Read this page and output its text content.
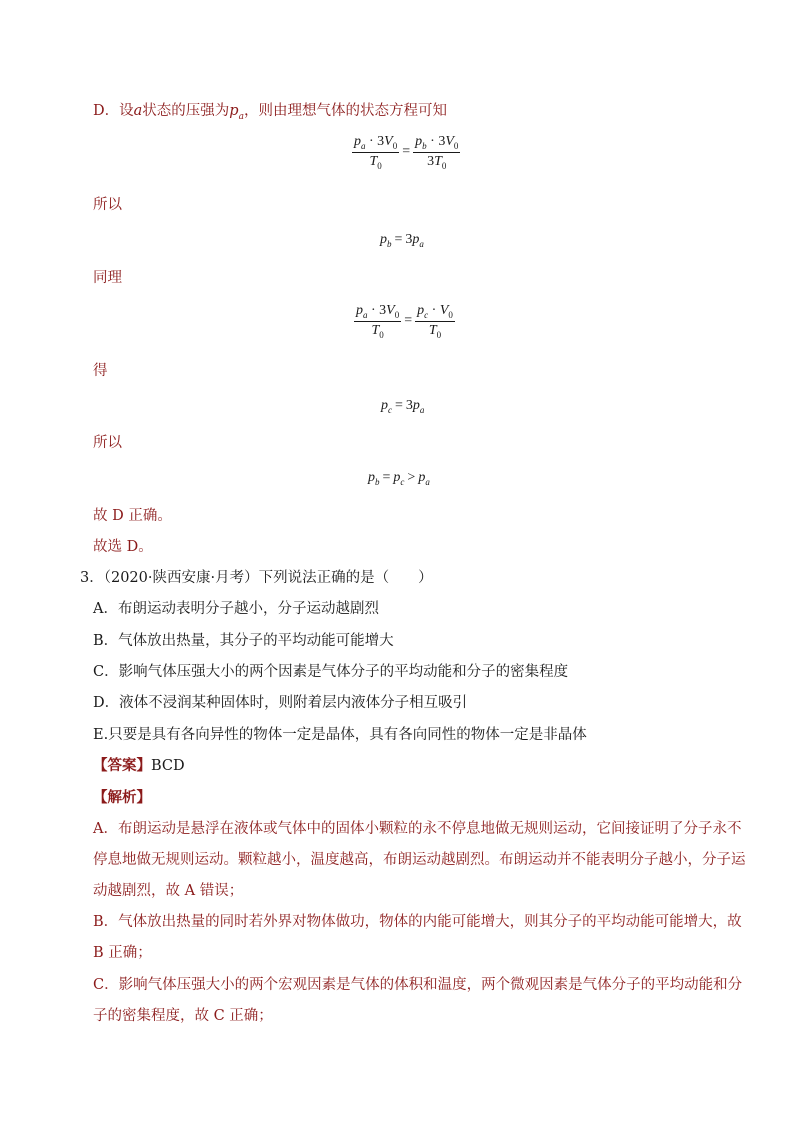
D．设a状态的压强为$p_a$，则由理想气体的状态方程可知
$\frac{p_a \cdot 3V_0}{T_0} = \frac{p_b \cdot 3V_0}{3T_0}$
所以
$p_b = 3p_a$
同理
$\frac{p_a \cdot 3V_0}{T_0} = \frac{p_c \cdot V_0}{T_0}$
得
$p_c = 3p_a$
所以
$p_b = p_c > p_a$
故 D 正确。
故选 D。
3．（2020·陕西安康·月考）下列说法正确的是（　　）
A．布朗运动表明分子越小，分子运动越剧烈
B．气体放出热量，其分子的平均动能可能增大
C．影响气体压强大小的两个因素是气体分子的平均动能和分子的密集程度
D．液体不浸润某种固体时，则附着层内液体分子相互吸引
E.只要是具有各向异性的物体一定是晶体，具有各向同性的物体一定是非晶体
【答案】BCD
【解析】
A．布朗运动是悬浮在液体或气体中的固体小颗粒的永不停息地做无规则运动，它间接证明了分子永不
停息地做无规则运动。颗粒越小，温度越高，布朗运动越剧烈。布朗运动并不能表明分子越小，分子运
动越剧烈，故 A 错误；
B．气体放出热量的同时若外界对物体做功，物体的内能可能增大，则其分子的平均动能可能增大，故
B 正确；
C．影响气体压强大小的两个宏观因素是气体的体积和温度，两个微观因素是气体分子的平均动能和分
子的密集程度，故 C 正确；
